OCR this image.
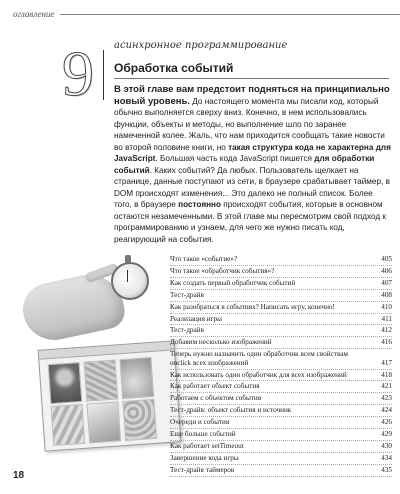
оглавление
9 асинхронное программирование
Обработка событий
В этой главе вам предстоит подняться на принципиально новый уровень. До настоящего момента мы писали код, который обычно выполняется сверху вниз. Конечно, в нем использовались функции, объекты и методы, но выполнение шло по заранее намеченной колее. Жаль, что нам приходится сообщать такие новости во второй половине книги, но такая структура кода не характерна для JavaScript. Большая часть кода JavaScript пишется для обработки событий. Каких событий? Да любых. Пользователь щелкает на странице, данные поступают из сети, в браузере срабатывает таймер, в DOM происходят изменения... Это далеко не полный список. Более того, в браузере постоянно происходят события, которые в основном остаются незамеченными. В этой главе мы пересмотрим свой подход к программированию и узнаем, для чего же нужно писать код, реагирующий на события.
Что такое «событие»?	405
Что такое «обработчик события»?	406
Как создать первый обработчик событий	407
Тест-драйв	408
Как разобраться в событиях? Написать игру, конечно!	410
Реализация игры	411
Тест-драйв	412
Добавим несколько изображений	416
Теперь нужно назначить один обработчик всем свойствам onclick всех изображений	417
Как использовать один обработчик для всех изображений	418
Как работает объект события	421
Работаем с объектом события	423
Тест-драйв: объект события и источник	424
Очереди и события	426
Еще больше событий	429
Как работает setTimeout	430
Завершение кода игры	434
Тест-драйв таймеров	435
18
